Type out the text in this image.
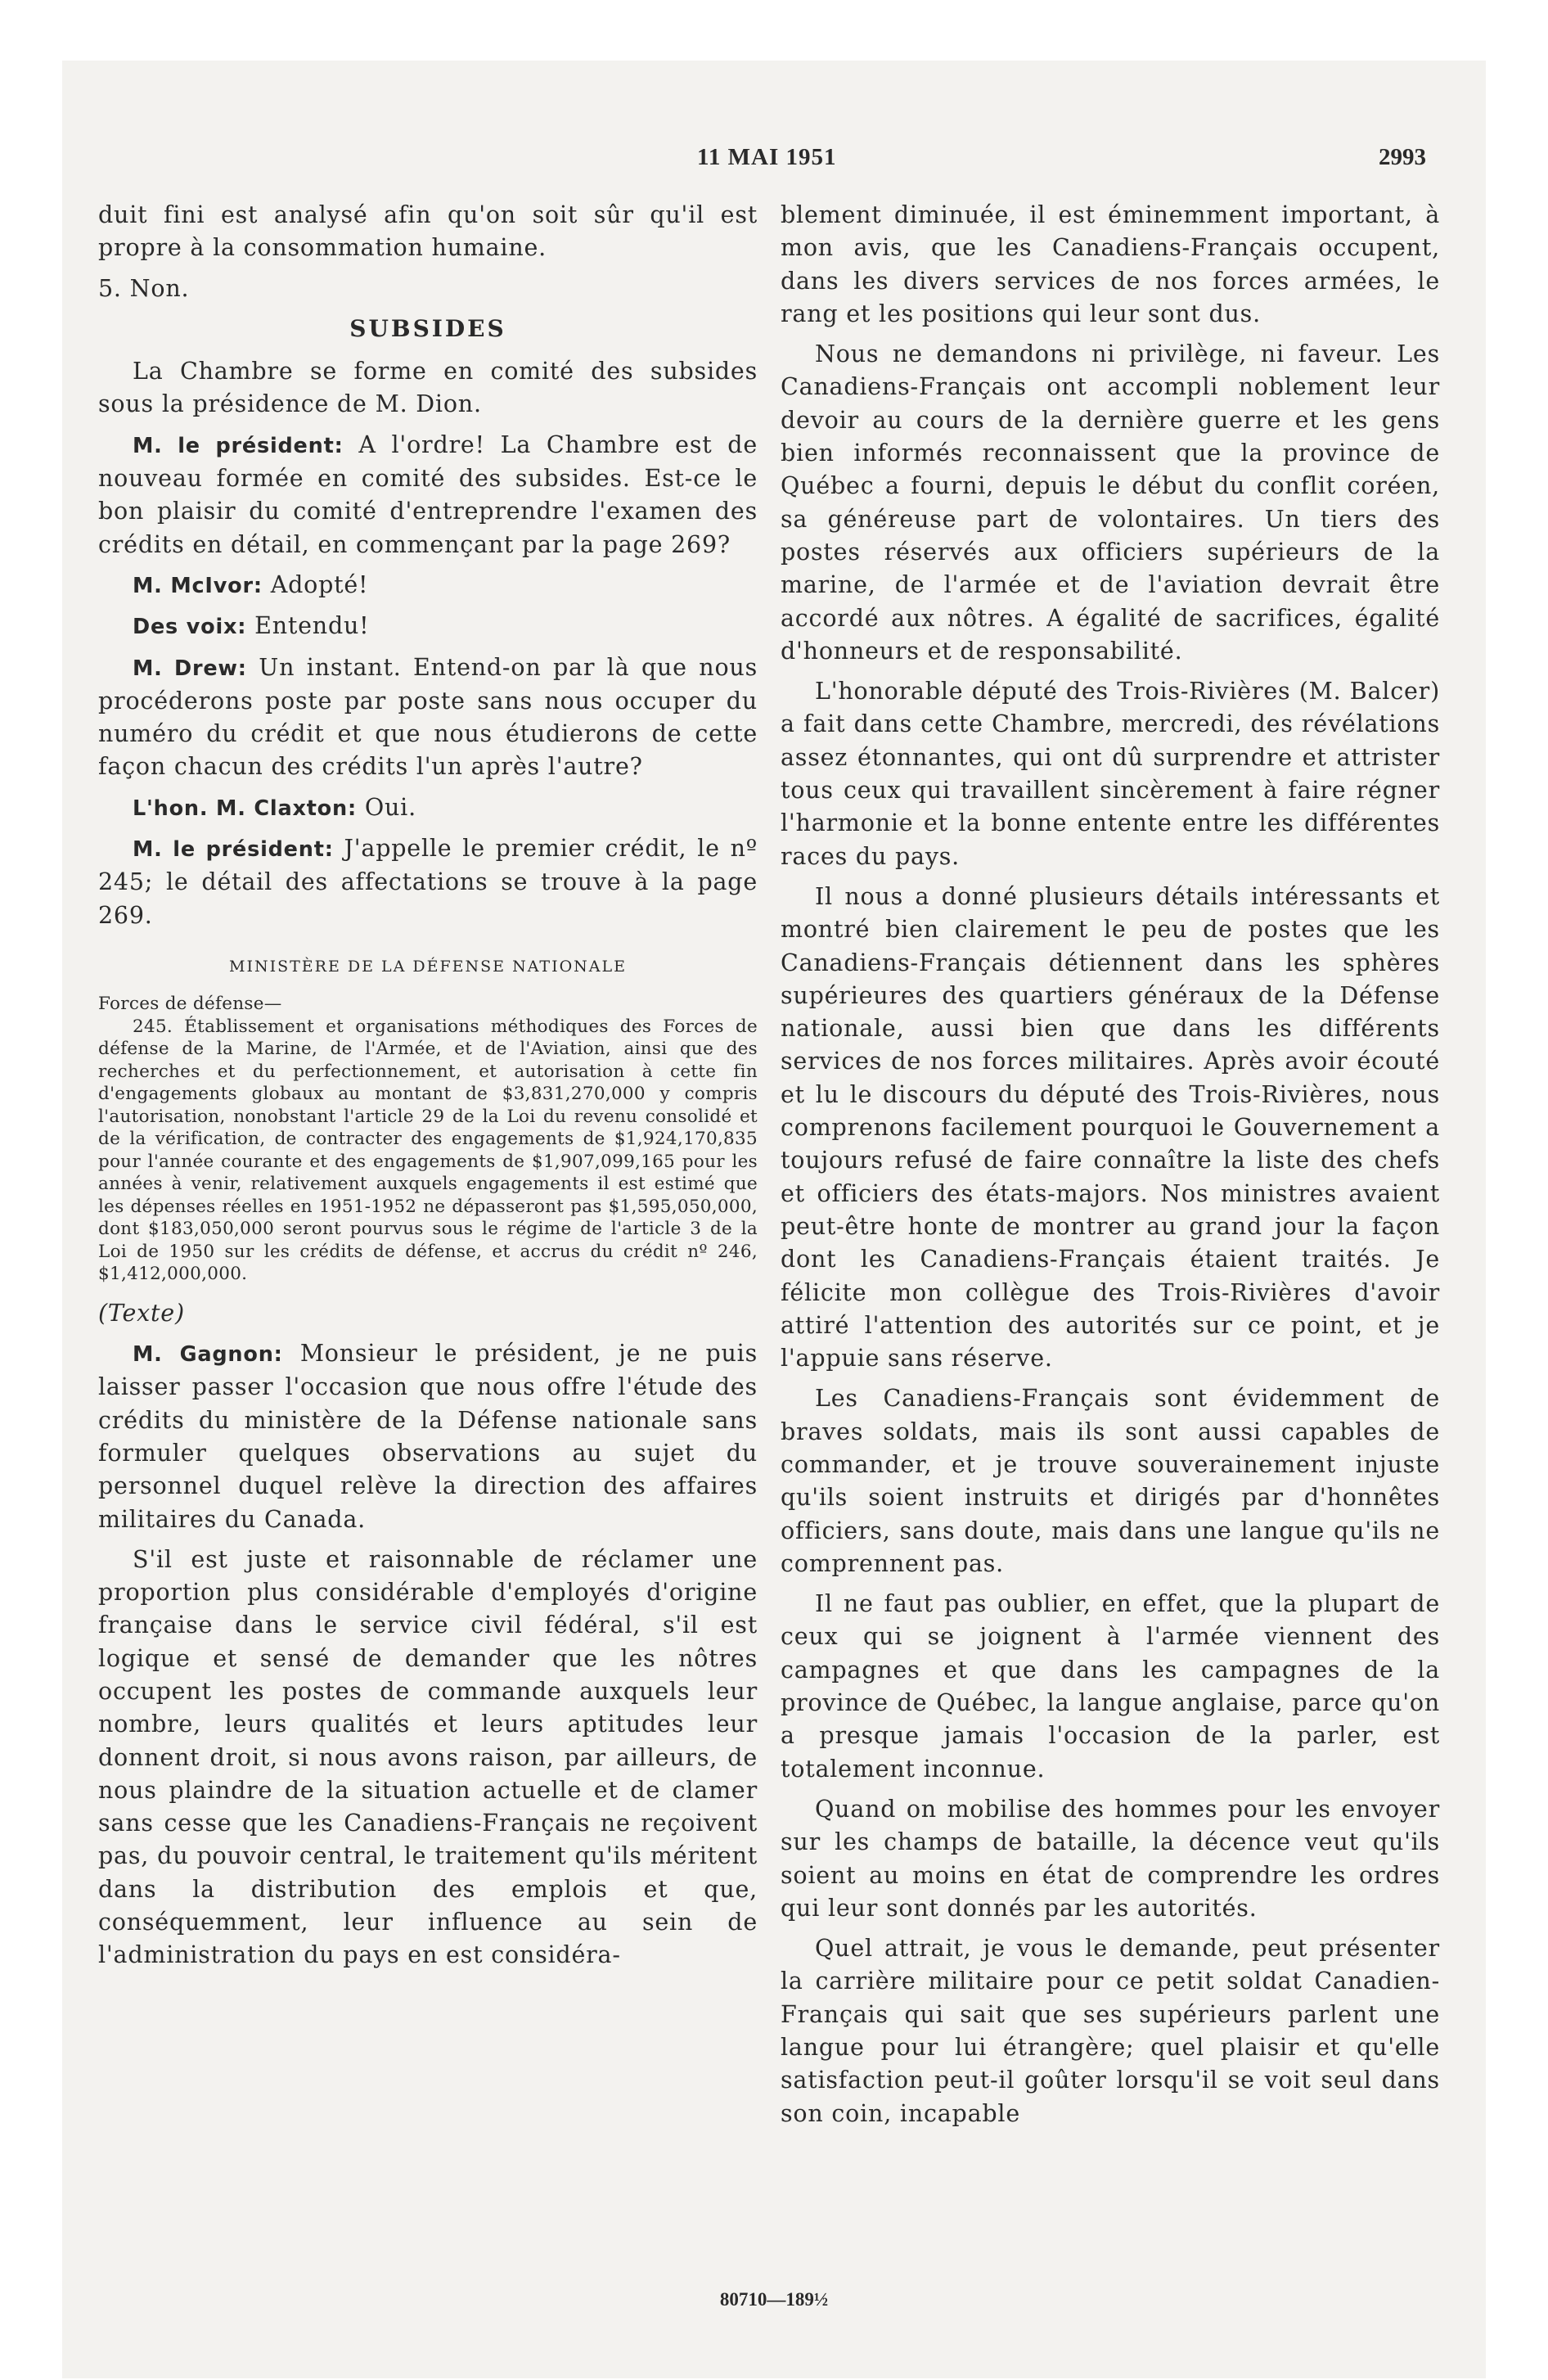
11 MAI 1951	2993

duit fini est analysé afin qu'on soit sûr qu'il est propre à la consommation humaine.

5. Non.

SUBSIDES

La Chambre se forme en comité des subsides sous la présidence de M. Dion.

M. le président: A l'ordre! La Chambre est de nouveau formée en comité des subsides. Est-ce le bon plaisir du comité d'entreprendre l'examen des crédits en détail, en commençant par la page 269?

M. McIvor: Adopté!

Des voix: Entendu!

M. Drew: Un instant. Entend-on par là que nous procéderons poste par poste sans nous occuper du numéro du crédit et que nous étudierons de cette façon chacun des crédits l'un après l'autre?

L'hon. M. Claxton: Oui.

M. le président: J'appelle le premier crédit, le nº 245; le détail des affectations se trouve à la page 269.

MINISTÈRE DE LA DÉFENSE NATIONALE

Forces de défense—

245. Établissement et organisations méthodiques des Forces de défense de la Marine, de l'Armée, et de l'Aviation, ainsi que des recherches et du perfectionnement, et autorisation à cette fin d'engagements globaux au montant de $3,831,270,000 y compris l'autorisation, nonobstant l'article 29 de la Loi du revenu consolidé et de la vérification, de contracter des engagements de $1,924,170,835 pour l'année courante et des engagements de $1,907,099,165 pour les années à venir, relativement auxquels engagements il est estimé que les dépenses réelles en 1951-1952 ne dépasseront pas $1,595,050,000, dont $183,050,000 seront pourvus sous le régime de l'article 3 de la Loi de 1950 sur les crédits de défense, et accrus du crédit nº 246, $1,412,000,000.

(Texte)

M. Gagnon: Monsieur le président, je ne puis laisser passer l'occasion que nous offre l'étude des crédits du ministère de la Défense nationale sans formuler quelques observations au sujet du personnel duquel relève la direction des affaires militaires du Canada.

S'il est juste et raisonnable de réclamer une proportion plus considérable d'employés d'origine française dans le service civil fédéral, s'il est logique et sensé de demander que les nôtres occupent les postes de commande auxquels leur nombre, leurs qualités et leurs aptitudes leur donnent droit, si nous avons raison, par ailleurs, de nous plaindre de la situation actuelle et de clamer sans cesse que les Canadiens-Français ne reçoivent pas, du pouvoir central, le traitement qu'ils méritent dans la distribution des emplois et que, conséquemment, leur influence au sein de l'administration du pays en est considéra-

blement diminuée, il est éminemment important, à mon avis, que les Canadiens-Français occupent, dans les divers services de nos forces armées, le rang et les positions qui leur sont dus.

Nous ne demandons ni privilège, ni faveur. Les Canadiens-Français ont accompli noblement leur devoir au cours de la dernière guerre et les gens bien informés reconnaissent que la province de Québec a fourni, depuis le début du conflit coréen, sa généreuse part de volontaires. Un tiers des postes réservés aux officiers supérieurs de la marine, de l'armée et de l'aviation devrait être accordé aux nôtres. A égalité de sacrifices, égalité d'honneurs et de responsabilité.

L'honorable député des Trois-Rivières (M. Balcer) a fait dans cette Chambre, mercredi, des révélations assez étonnantes, qui ont dû surprendre et attrister tous ceux qui travaillent sincèrement à faire régner l'harmonie et la bonne entente entre les différentes races du pays.

Il nous a donné plusieurs détails intéressants et montré bien clairement le peu de postes que les Canadiens-Français détiennent dans les sphères supérieures des quartiers généraux de la Défense nationale, aussi bien que dans les différents services de nos forces militaires. Après avoir écouté et lu le discours du député des Trois-Rivières, nous comprenons facilement pourquoi le Gouvernement a toujours refusé de faire connaître la liste des chefs et officiers des états-majors. Nos ministres avaient peut-être honte de montrer au grand jour la façon dont les Canadiens-Français étaient traités. Je félicite mon collègue des Trois-Rivières d'avoir attiré l'attention des autorités sur ce point, et je l'appuie sans réserve.

Les Canadiens-Français sont évidemment de braves soldats, mais ils sont aussi capables de commander, et je trouve souverainement injuste qu'ils soient instruits et dirigés par d'honnêtes officiers, sans doute, mais dans une langue qu'ils ne comprennent pas.

Il ne faut pas oublier, en effet, que la plupart de ceux qui se joignent à l'armée viennent des campagnes et que dans les campagnes de la province de Québec, la langue anglaise, parce qu'on a presque jamais l'occasion de la parler, est totalement inconnue.

Quand on mobilise des hommes pour les envoyer sur les champs de bataille, la décence veut qu'ils soient au moins en état de comprendre les ordres qui leur sont donnés par les autorités.

Quel attrait, je vous le demande, peut présenter la carrière militaire pour ce petit soldat Canadien-Français qui sait que ses supérieurs parlent une langue pour lui étrangère; quel plaisir et qu'elle satisfaction peut-il goûter lorsqu'il se voit seul dans son coin, incapable

80710—189½
